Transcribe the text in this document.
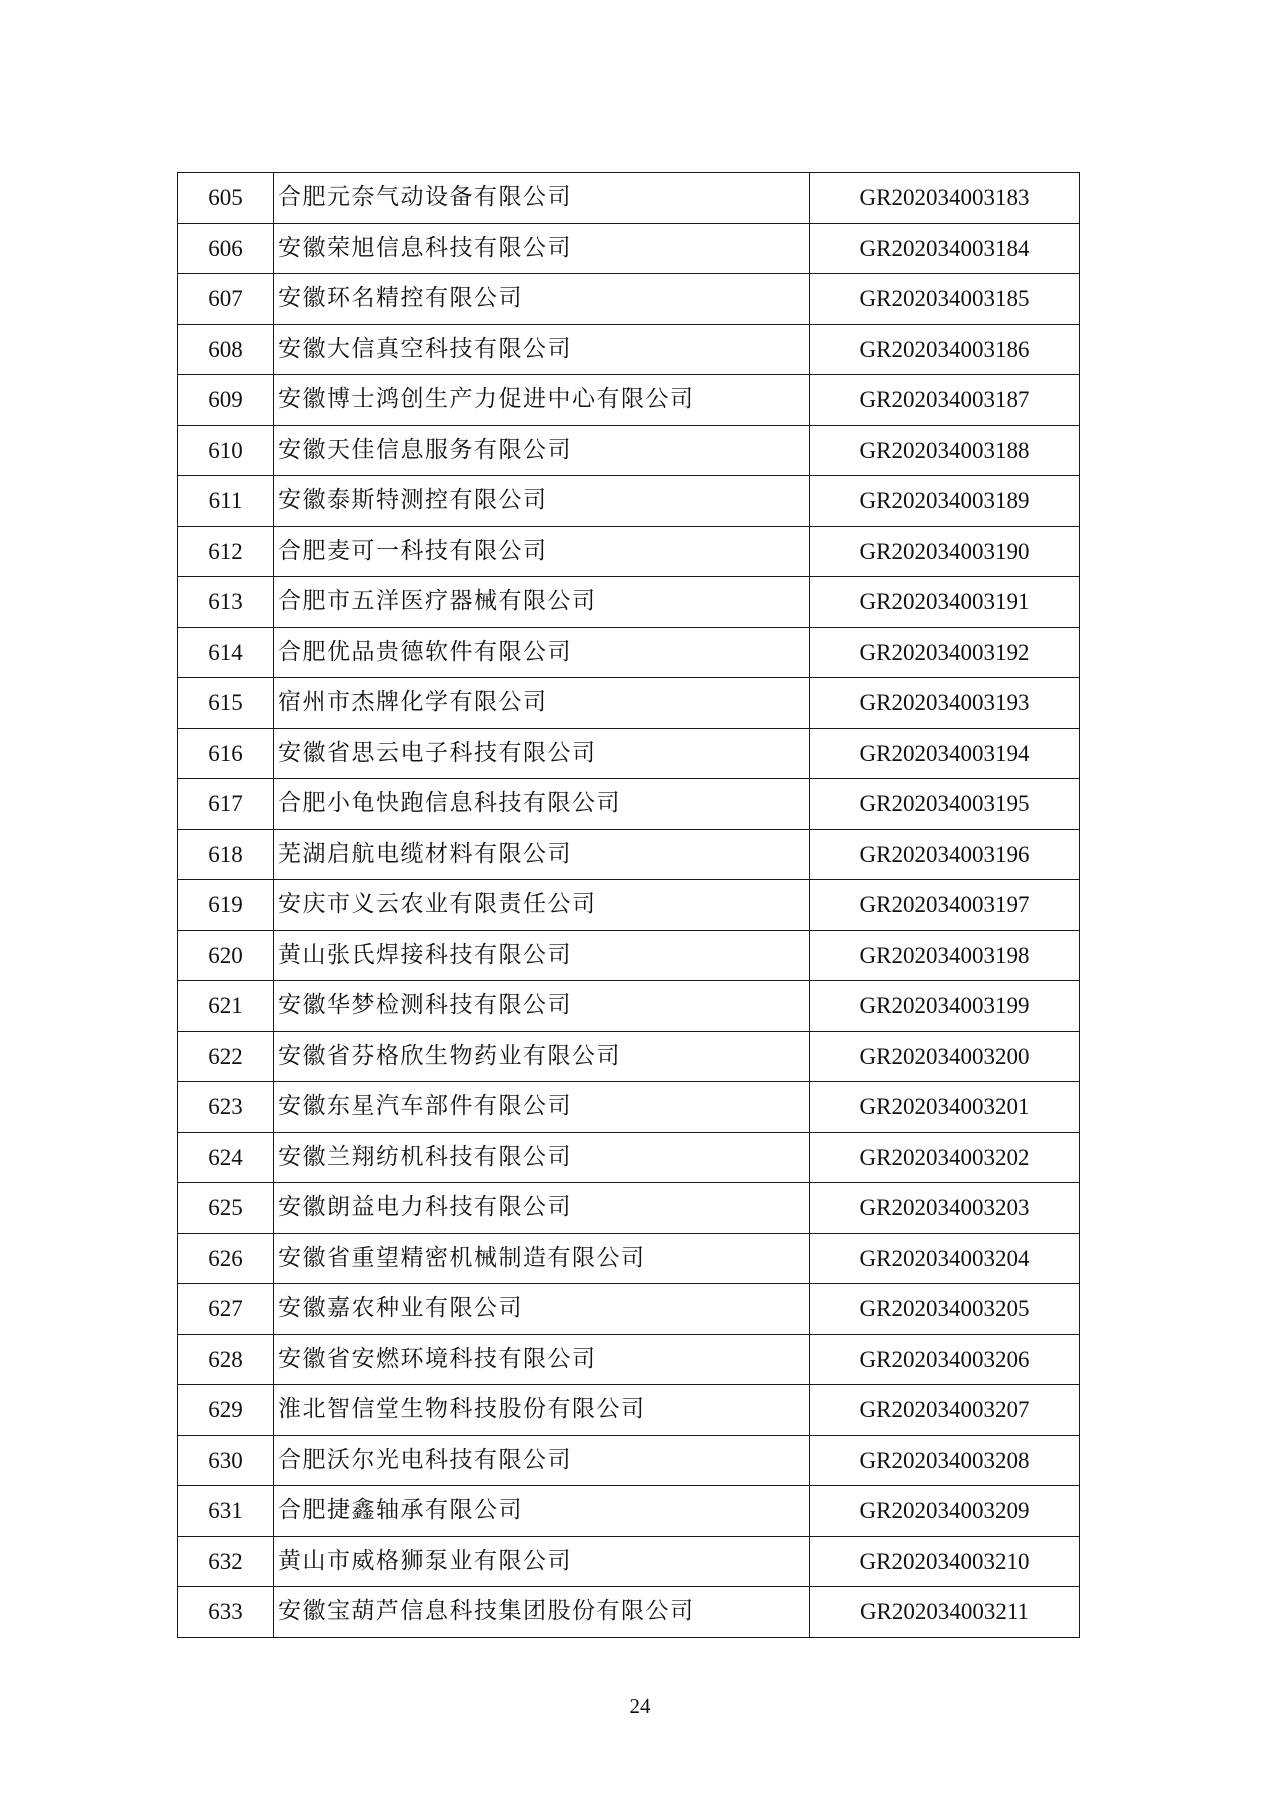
605	合肥元奈气动设备有限公司	GR202034003183
606	安徽荣旭信息科技有限公司	GR202034003184
607	安徽环名精控有限公司	GR202034003185
608	安徽大信真空科技有限公司	GR202034003186
609	安徽博士鸿创生产力促进中心有限公司	GR202034003187
610	安徽天佳信息服务有限公司	GR202034003188
611	安徽泰斯特测控有限公司	GR202034003189
612	合肥麦可一科技有限公司	GR202034003190
613	合肥市五洋医疗器械有限公司	GR202034003191
614	合肥优品贵德软件有限公司	GR202034003192
615	宿州市杰牌化学有限公司	GR202034003193
616	安徽省思云电子科技有限公司	GR202034003194
617	合肥小龟快跑信息科技有限公司	GR202034003195
618	芜湖启航电缆材料有限公司	GR202034003196
619	安庆市义云农业有限责任公司	GR202034003197
620	黄山张氏焊接科技有限公司	GR202034003198
621	安徽华梦检测科技有限公司	GR202034003199
622	安徽省芬格欣生物药业有限公司	GR202034003200
623	安徽东星汽车部件有限公司	GR202034003201
624	安徽兰翔纺机科技有限公司	GR202034003202
625	安徽朗益电力科技有限公司	GR202034003203
626	安徽省重望精密机械制造有限公司	GR202034003204
627	安徽嘉农种业有限公司	GR202034003205
628	安徽省安燃环境科技有限公司	GR202034003206
629	淮北智信堂生物科技股份有限公司	GR202034003207
630	合肥沃尔光电科技有限公司	GR202034003208
631	合肥捷鑫轴承有限公司	GR202034003209
632	黄山市威格狮泵业有限公司	GR202034003210
633	安徽宝葫芦信息科技集团股份有限公司	GR202034003211
24
